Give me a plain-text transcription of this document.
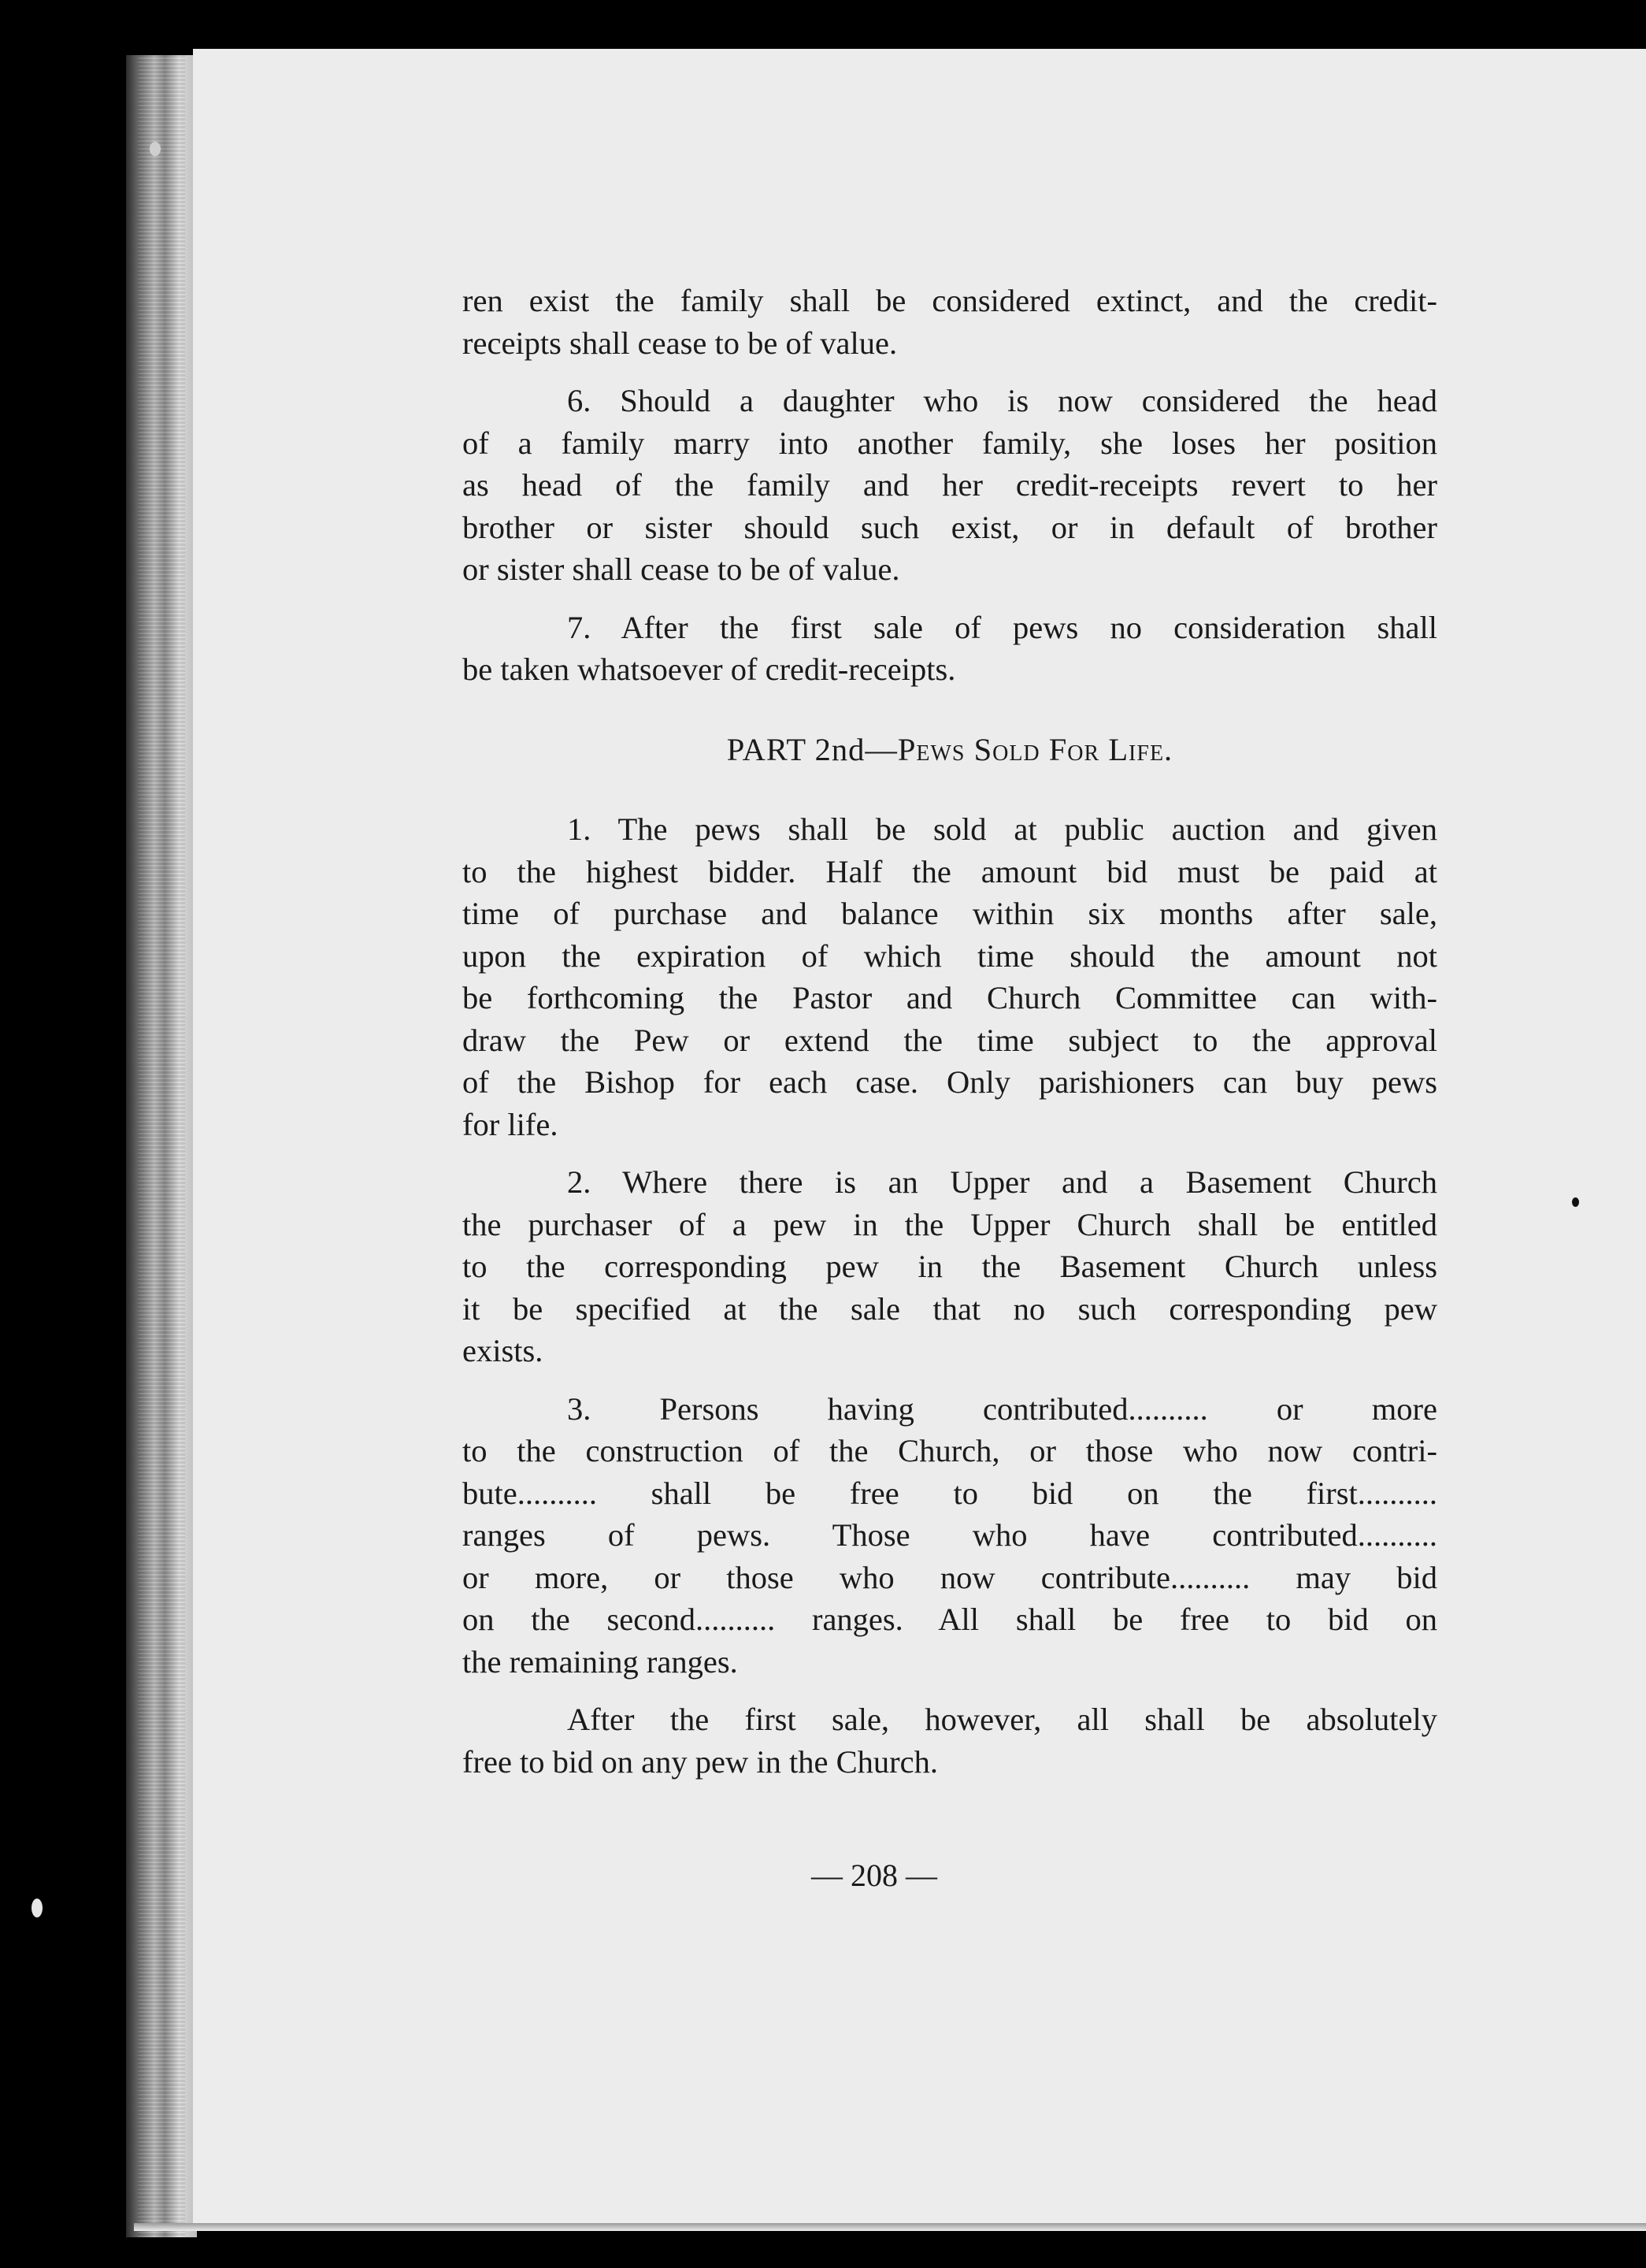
ren exist the family shall be considered extinct, and the credit-

receipts shall cease to be of value.

6. Should a daughter who is now considered the head

of a family marry into another family, she loses her position

as head of the family and her credit-receipts revert to her

brother or sister should such exist, or in default of brother

or sister shall cease to be of value.

7. After the first sale of pews no consideration shall

be taken whatsoever of credit-receipts.

PART 2nd—Pews Sold For Life.

1. The pews shall be sold at public auction and given

to the highest bidder. Half the amount bid must be paid at

time of purchase and balance within six months after sale,

upon the expiration of which time should the amount not

be forthcoming the Pastor and Church Committee can with-

draw the Pew or extend the time subject to the approval

of the Bishop for each case. Only parishioners can buy pews

for life.

2. Where there is an Upper and a Basement Church

the purchaser of a pew in the Upper Church shall be entitled

to the corresponding pew in the Basement Church unless

it be specified at the sale that no such corresponding pew

exists.

3. Persons having contributed.......... or more

to the construction of the Church, or those who now contri-

bute.......... shall be free to bid on the first..........

ranges of pews. Those who have contributed..........

or more, or those who now contribute.......... may bid

on the second.......... ranges. All shall be free to bid on

the remaining ranges.

After the first sale, however, all shall be absolutely

free to bid on any pew in the Church.

— 208 —
